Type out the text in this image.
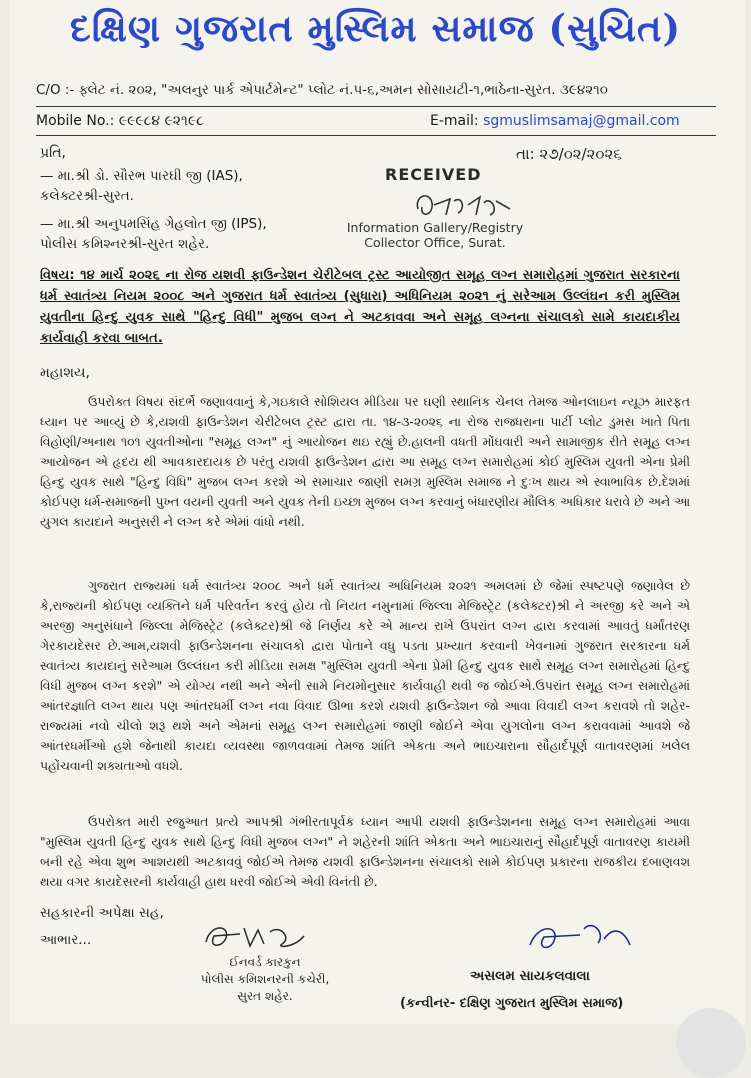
દક્ષિણ ગુજરાત મુસ્લિમ સમાજ (સુચિત)
C/O :- ફ્લેટ નં. ૨૦૨, "અલનુર પાર્ક એપાર્ટમેન્ટ" પ્લોટ નં.પ-૬,અમન સોસાયટી-૧,ભાઠેના-સુરત. ૩૯૪૨૧૦
Mobile No.: ૯૯૯૮૪ ૯૨૧૯૮	E-mail: sgmuslimsamaj@gmail.com
પ્રતિ,	તા: ૨૭/૦૨/૨૦૨૬
— મા.શ્રી ડો. સૌરભ પારઘી જી (IAS),
કલેક્ટરશ્રી-સુરત.
— મા.શ્રી અનુપમસિંહ ગેહલોત જી (IPS),
પોલીસ કમિશ્નરશ્રી-સુરત શહેર.
RECEIVED
Information Gallery/Registry
Collector Office, Surat.
વિષય: ૧૪ માર્ચ ૨૦૨૬ ના રોજ યશવી ફાઉન્ડેશન ચેરીટેબલ ટ્રસ્ટ આયોજીત સમૂહ લગ્ન સમારોહમાં ગુજરાત સરકારના ધર્મ સ્વાતંત્ર્ય નિયમ ૨૦૦૮ અને ગુજરાત ધર્મ સ્વાતંત્ર્ય (સુધારા) અધિનિયમ ૨૦૨૧ નું સરેઆમ ઉલ્લંઘન કરી મુસ્લિમ યુવતીના હિન્દુ યુવક સાથે "હિન્દુ વિધી" મુજબ લગ્ન ને અટકાવવા અને સમૂહ લગ્નના સંચાલકો સામે કાયદાકીય કાર્યવાહી કરવા બાબત.
મહાશય,
ઉપરોક્ત વિષય સંદર્ભે જણાવવાનું કે,ગઇકાલે સોશિયલ મીડિયા પર ઘણી સ્થાનિક ચેનલ તેમજ ઓનલાઇન ન્યૂઝ મારફત ધ્યાન પર આવ્યું છે કે,યશવી ફાઉન્ડેશન ચેરીટેબલ ટ્રસ્ટ દ્વારા તા. ૧૪-૩-૨૦૨૬ ના રોજ રાજધરાના પાર્ટી પ્લોટ ડુમસ ખાતે પિતા વિહોણી/અનાથ ૧૦૧ યુવતીઓના "સમૂહ લગ્ન" નું આયોજન થઇ રહ્યું છે.હાલની વધતી મોંઘવારી અને સામાજીક રીતે સમૂહ લગ્ન આયોજન એ હૃદય થી આવકારદાયક છે પરંતુ યશવી ફાઉન્ડેશન દ્વારા આ સમૂહ લગ્ન સમારોહમાં કોઈ મુસ્લિમ યુવતી એના પ્રેમી હિન્દુ યુવક સાથે "હિન્દુ વિધિ" મુજબ લગ્ન કરશે એ સમાચાર જાણી સમગ્ર મુસ્લિમ સમાજ ને દુઃખ થાય એ સ્વાભાવિક છે.દેશમાં કોઈપણ ધર્મ-સમાજની પુખ્ત વયની યુવતી અને યુવક તેની ઇચ્છા મુજબ લગ્ન કરવાનું બંધારણીય મૌલિક અધિકાર ધરાવે છે અને આ યુગલ કાયદાને અનુસરી ને લગ્ન કરે એમાં વાંધો નથી.
ગુજરાત રાજ્યમાં ધર્મ સ્વાતંત્ર્ય ૨૦૦૮ અને ધર્મ સ્વાતંત્ર્ય અધિનિયમ ૨૦૨૧ અમલમાં છે જેમાં સ્પષ્ટપણે જણાવેલ છે કે,રાજ્યની કોઈપણ વ્યક્તિને ધર્મ પરિવર્તન કરવું હોય તો નિયત નમુનામાં જિલ્લા મેજિસ્ટ્રેટ (કલેક્ટર)શ્રી ને અરજી કરે અને એ અરજી અનુસંધાને જિલ્લા મેજિસ્ટ્રેટ (કલેક્ટર)શ્રી જે નિર્ણય કરે એ માન્ય રાખે ઉપરાંત લગ્ન દ્વારા કરવામાં આવતું ધર્માંતરણ ગેરકાયદેસર છે.આમ,યશવી ફાઉન્ડેશનના સંચાલકો દ્વારા પોતાને વધુ પડતા પ્રખ્યાત કરવાની ખેવનામાં ગુજરાત સરકારના ધર્મ સ્વાતંત્ર્ય કાયદાનું સરેઆમ ઉલ્લંઘન કરી મીડિયા સમક્ષ "મુસ્લિમ યુવતી એના પ્રેમી હિન્દુ યુવક સાથે સમૂહ લગ્ન સમારોહમાં હિન્દુ વિધી મુજબ લગ્ન કરશે" એ યોગ્ય નથી અને એની સામે નિયમોનુસાર કાર્યવાહી થવી જ જોઈએ.ઉપરાંત સમૂહ લગ્ન સમારોહમાં આંતરજ્ઞાતિ લગ્ન થાય પણ આંતરધર્મી લગ્ન નવા વિવાદ ઊભા કરશે યશવી ફાઉન્ડેશન જો આવા વિવાદી લગ્ન કરાવશે તો શહેર-રાજ્યમાં નવો ચીલો શરૂ થશે અને એમનાં સમૂહ લગ્ન સમારોહમાં જાણી જોઈને એવા યુગલોના લગ્ન કરાવવામાં આવશે જે આંતરધર્મીઓ હશે જેનાથી કાયદા વ્યવસ્થા જાળવવામાં તેમજ શાંતિ એકતા અને ભાઇચારાના સૌહાર્દપૂર્ણ વાતાવરણમાં ખલેલ પહોંચવાની શક્યતાઓ વધશે.
ઉપરોક્ત મારી રજુઆત પ્રત્યે આપશ્રી ગંભીરતાપૂર્વક ધ્યાન આપી યશવી ફાઉન્ડેશનના સમૂહ લગ્ન સમારોહમાં આવા "મુસ્લિમ યુવતી હિન્દુ યુવક સાથે હિન્દુ વિધી મુજબ લગ્ન" ને શહેરની શાંતિ એકતા અને ભાઇચારાનું સૌહાર્દપૂર્ણ વાતાવરણ કાયમી બની રહે એવા શુભ આશયથી અટકાવવું જોઈએ તેમજ યશવી ફાઉન્ડેશનના સંચાલકો સામે કોઈપણ પ્રકારના રાજકીય દબાણવશ થયા વગર કાયદેસરની કાર્યવાહી હાથ ધરવી જોઈએ એવી વિનંતી છે.
સહકારની અપેક્ષા સહ,
આભાર...
ઈનવર્ડ કારકુન
પોલીસ કમિશનરની કચેરી,
સુરત શહેર.
અસલમ સાયકલવાલા
(કન્વીનર- દક્ષિણ ગુજરાત મુસ્લિમ સમાજ)
